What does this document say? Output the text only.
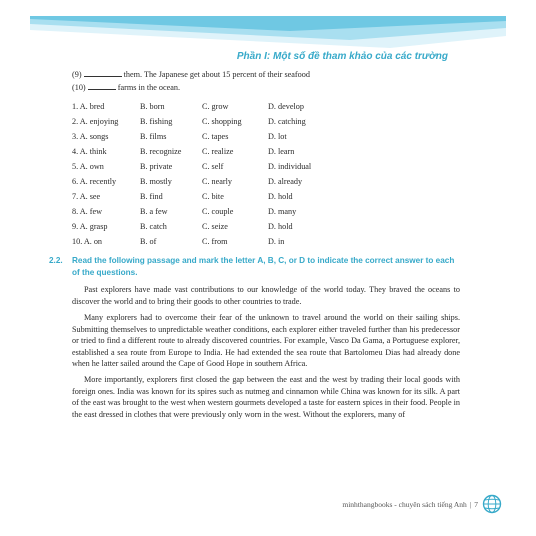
Phần I: Một số đề tham khảo của các trường

(9)	them. The Japanese get about 15 percent of their seafood

(10)	farms in the ocean.

1. A. bred	B. born	C. grow	D. develop
2. A. enjoying	B. fishing	C. shopping	D. catching
3. A. songs	B. films	C. tapes	D. lot
4. A. think	B. recognize	C. realize	D. learn
5. A. own	B. private	C. self	D. individual
6. A. recently	B. mostly	C. nearly	D. already
7. A. see	B. find	C. bite	D. hold
8. A. few	B. a few	C. couple	D. many
9. A. grasp	B. catch	C. seize	D. hold
10. A. on	B. of	C. from	D. in
2.2. Read the following passage and mark the letter A, B, C, or D to indicate the correct answer to each of the questions.

Past explorers have made vast contributions to our knowledge of the world today. They braved the oceans to discover the world and to bring their goods to other countries to trade.

Many explorers had to overcome their fear of the unknown to travel around the world on their sailing ships. Submitting themselves to unpredictable weather conditions, each explorer either traveled further than his predecessor or tried to find a different route to already discovered countries. For example, Vasco Da Gama, a Portuguese explorer, established a sea route from Europe to India. He had extended the sea route that Bartolomeu Dias had already done when he latter sailed around the Cape of Good Hope in southern Africa.

More importantly, explorers first closed the gap between the east and the west by trading their local goods with foreign ones. India was known for its spires such as nutmeg and cinnamon while China was known for its silk. A part of the east was brought to the west when western gourmets developed a taste for eastern spices in their food. People in the east dressed in clothes that were previously only worn in the west. Without the explorers, many of

minhthangbooks - chuyên sách tiếng Anh | 7
